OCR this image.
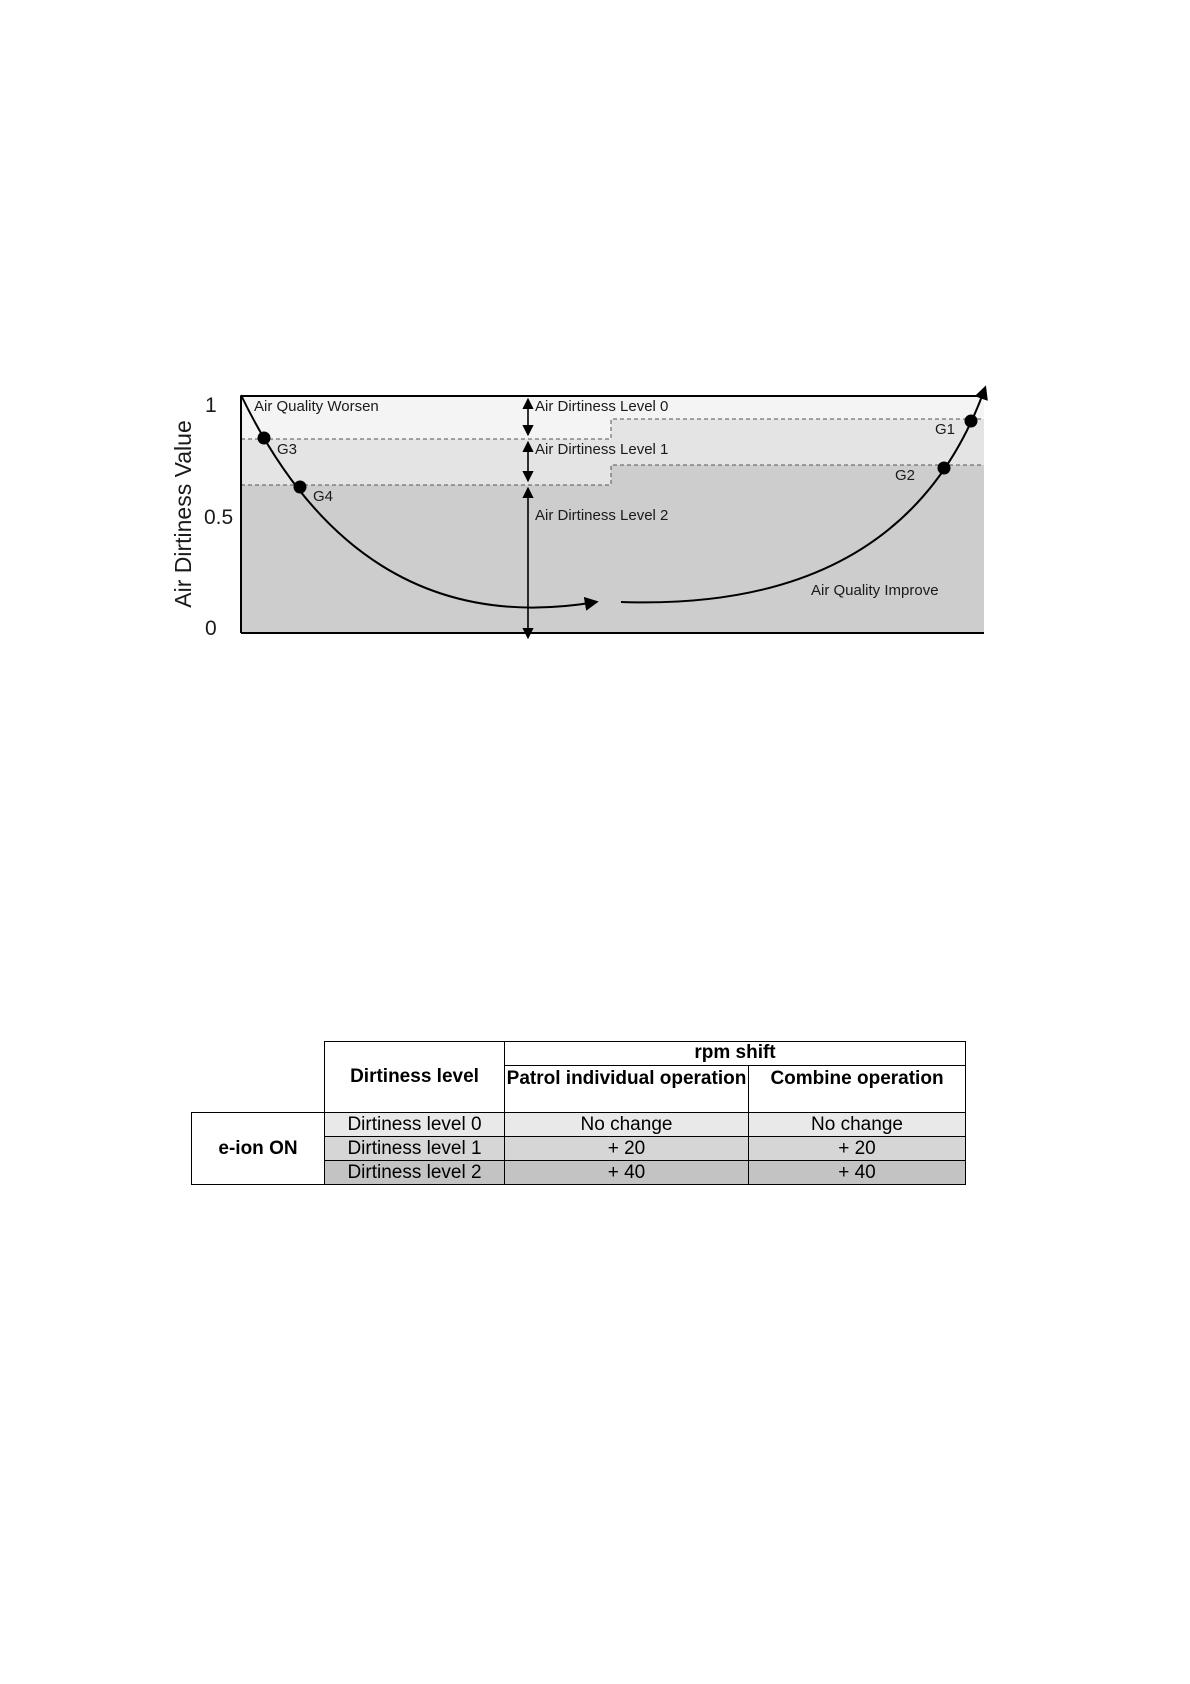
Air Dirtiness Value
1
0.5
0
Air Quality Worsen
Air Quality Improve
Air Dirtiness Level 0
Air Dirtiness Level 1
Air Dirtiness Level 2
G1
G2
G3
G4
	Dirtiness level	rpm shift	
		Patrol individual operation	Combine operation
e-ion ON	Dirtiness level 0	No change	No change
	Dirtiness level 1	+ 20	+ 20
	Dirtiness level 2	+ 40	+ 40
